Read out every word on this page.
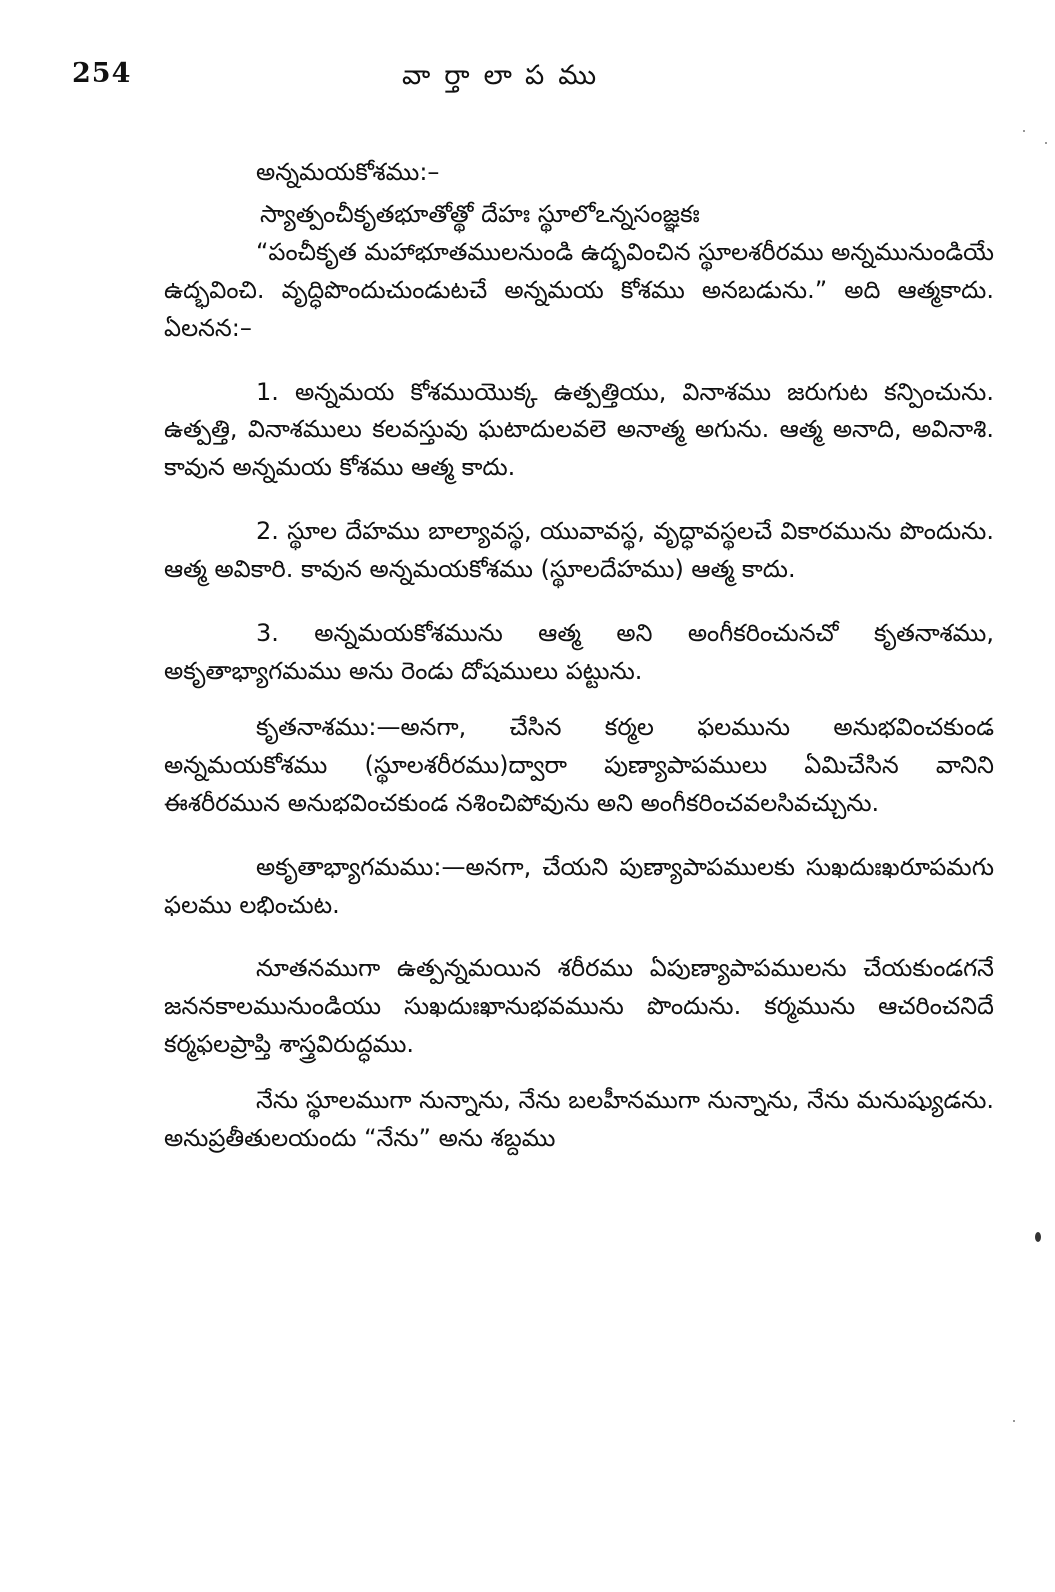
254	వార్తాలాపము

అన్నమయకోశము:–

స్యాత్పంచీకృతభూతోత్థో దేహః స్థూలోఽన్నసంజ్ఞకః

“పంచీకృత మహాభూతములనుండి ఉద్భవించిన స్థూలశరీరము అన్నమునుండియే ఉద్భవించి. వృద్ధిపొందుచుండుటచే అన్నమయ కోశము అనబడును.” అది ఆత్మకాదు. ఏలనన:–

1. అన్నమయ కోశముయొక్క ఉత్పత్తియు, వినాశము జరుగుట కన్పించును. ఉత్పత్తి, వినాశములు కలవస్తువు ఘటాదులవలె అనాత్మ అగును. ఆత్మ అనాది, అవినాశి. కావున అన్నమయ కోశము ఆత్మ కాదు.

2. స్థూల దేహము బాల్యావస్థ, యువావస్థ, వృద్ధావస్థలచే వికారమును పొందును. ఆత్మ అవికారి. కావున అన్నమయకోశము (స్థూలదేహము) ఆత్మ కాదు.

3. అన్నమయకోశమును ఆత్మ అని అంగీకరించునచో కృతనాశము, అకృతాభ్యాగమము అను రెండు దోషములు పట్టును.

కృతనాశము:—అనగా, చేసిన కర్మల ఫలమును అనుభవించకుండ అన్నమయకోశము (స్థూలశరీరము)ద్వారా పుణ్యాపాపములు ఏమిచేసిన వానిని ఈశరీరమున అనుభవించకుండ నశించిపోవును అని అంగీకరించవలసివచ్చును.

అకృతాభ్యాగమము:—అనగా, చేయని పుణ్యాపాపములకు సుఖదుఃఖరూపమగు ఫలము లభించుట.

నూతనముగా ఉత్పన్నమయిన శరీరము ఏపుణ్యాపాపములను చేయకుండగనే జననకాలమునుండియు సుఖదుఃఖానుభవమును పొందును. కర్మమును ఆచరించనిదే కర్మఫలప్రాప్తి శాస్త్రవిరుద్ధము.

నేను స్థూలముగా నున్నాను, నేను బలహీనముగా నున్నాను, నేను మనుష్యుడను. అనుప్రతీతులయందు “నేను” అను శబ్దము
